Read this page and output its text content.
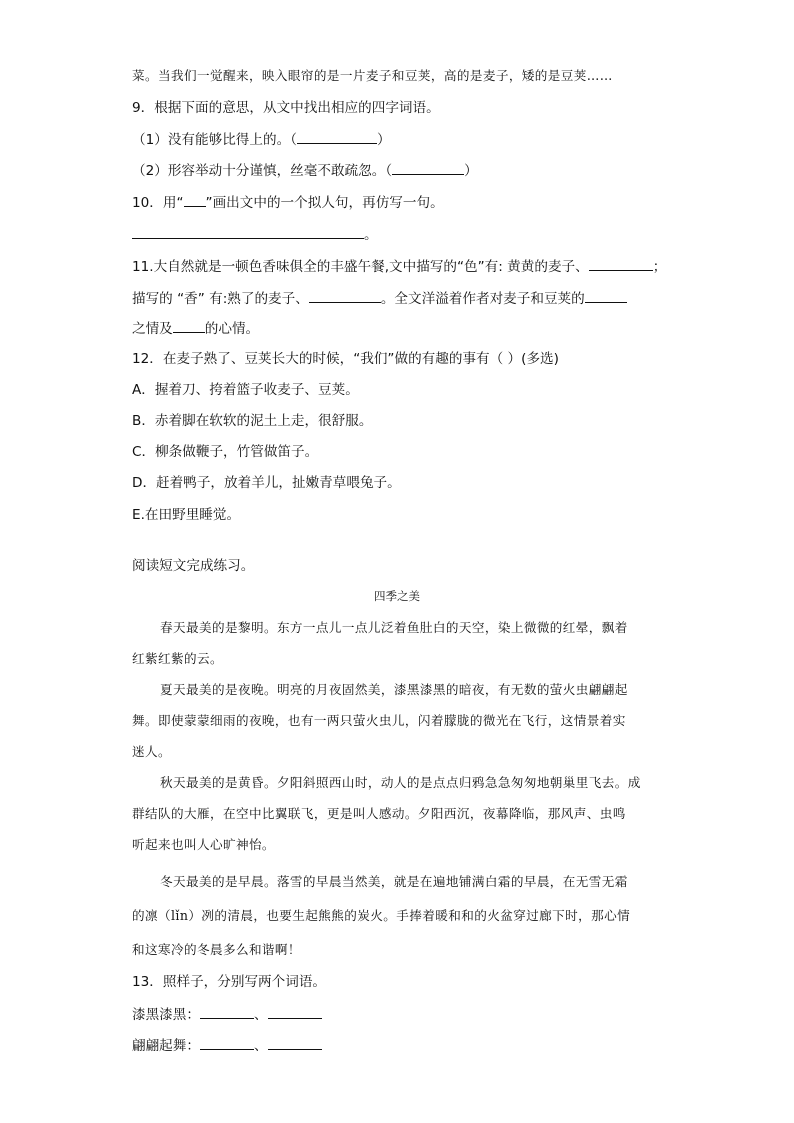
菜。当我们一觉醒来，映入眼帘的是一片麦子和豆荚，高的是麦子，矮的是豆荚……
9．根据下面的意思，从文中找出相应的四字词语。
（1）没有能够比得上的。（	）
（2）形容举动十分谨慎，丝毫不敢疏忽。（	）
10．用“ ”画出文中的一个拟人句，再仿写一句。
。
11.大自然就是一顿色香味俱全的丰盛午餐,文中描写的“色”有: 黄黄的麦子、	；
描写的 “香” 有:熟了的麦子、	。全文洋溢着作者对麦子和豆荚的
之情及 的心情。
12．在麦子熟了、豆荚长大的时候，“我们”做的有趣的事有（ ）(多选)
A．握着刀、挎着篮子收麦子、豆荚。
B．赤着脚在软软的泥土上走，很舒服。
C．柳条做鞭子，竹管做笛子。
D．赶着鸭子，放着羊儿，扯嫩青草喂兔子。
E.在田野里睡觉。
阅读短文完成练习。
四季之美
春天最美的是黎明。东方一点儿一点儿泛着鱼肚白的天空，染上微微的红晕，飘着
红紫红紫的云。
夏天最美的是夜晚。明亮的月夜固然美，漆黑漆黑的暗夜，有无数的萤火虫翩翩起
舞。即使蒙蒙细雨的夜晚，也有一两只萤火虫儿，闪着朦胧的微光在飞行，这情景着实
迷人。
秋天最美的是黄昏。夕阳斜照西山时，动人的是点点归鸦急急匆匆地朝巢里飞去。成
群结队的大雁，在空中比翼联飞，更是叫人感动。夕阳西沉，夜幕降临，那风声、虫鸣
听起来也叫人心旷神怡。
冬天最美的是早晨。落雪的早晨当然美，就是在遍地铺满白霜的早晨，在无雪无霜
的凛（lǐn）冽的清晨，也要生起熊熊的炭火。手捧着暖和和的火盆穿过廊下时，那心情
和这寒冷的冬晨多么和谐啊！
13．照样子，分别写两个词语。
漆黑漆黑：	、
翩翩起舞：	、
